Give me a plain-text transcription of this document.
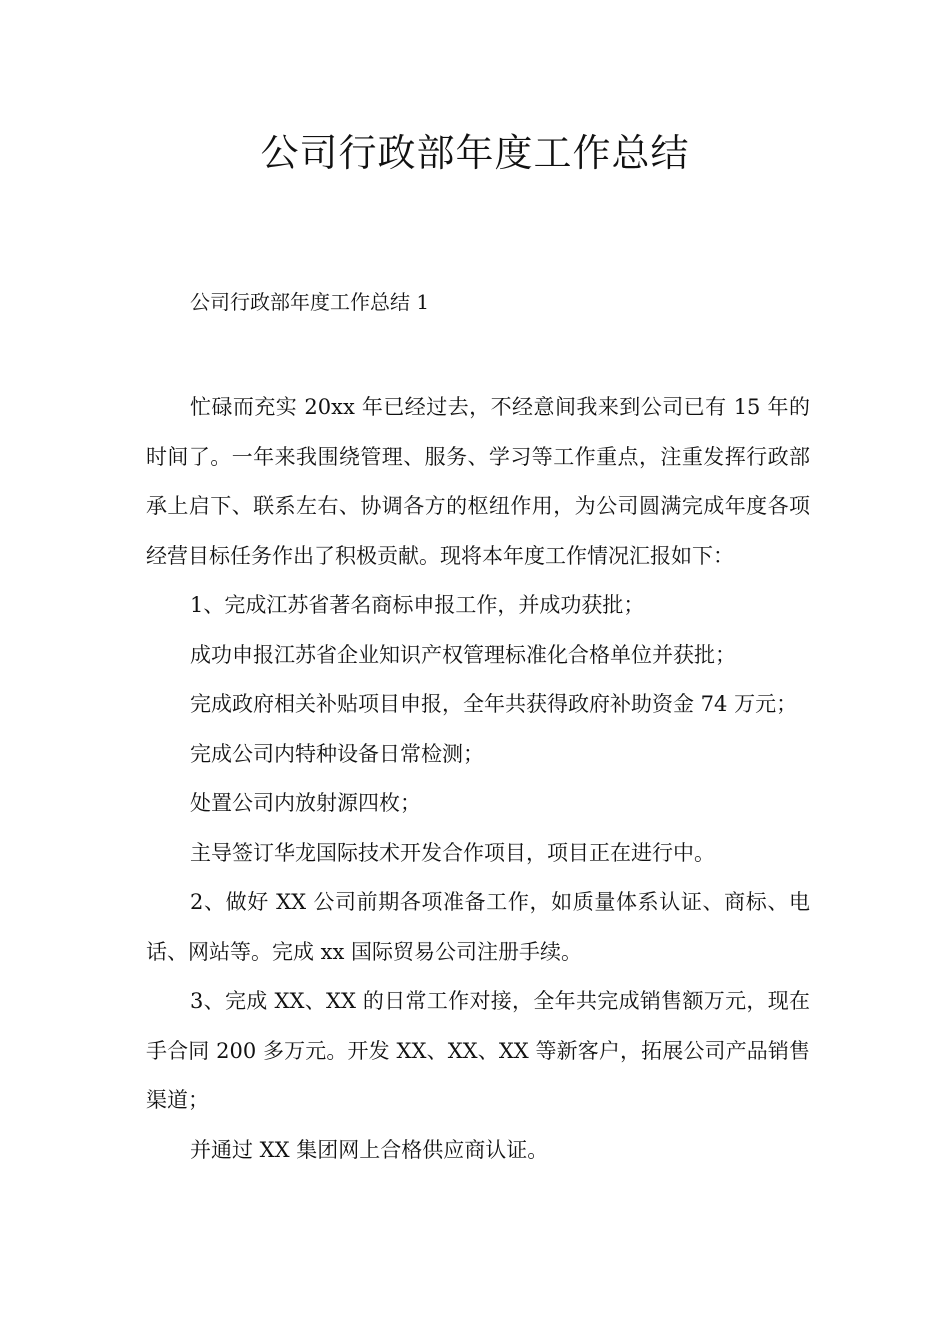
公司行政部年度工作总结

公司行政部年度工作总结 1

忙碌而充实 20xx 年已经过去，不经意间我来到公司已有 15 年的时间了。一年来我围绕管理、服务、学习等工作重点，注重发挥行政部承上启下、联系左右、协调各方的枢纽作用，为公司圆满完成年度各项经营目标任务作出了积极贡献。现将本年度工作情况汇报如下：

1、完成江苏省著名商标申报工作，并成功获批；

成功申报江苏省企业知识产权管理标准化合格单位并获批；

完成政府相关补贴项目申报，全年共获得政府补助资金 74 万元；

完成公司内特种设备日常检测；

处置公司内放射源四枚；

主导签订华龙国际技术开发合作项目，项目正在进行中。

2、做好 XX 公司前期各项准备工作，如质量体系认证、商标、电话、网站等。完成 xx 国际贸易公司注册手续。

3、完成 XX、XX 的日常工作对接，全年共完成销售额万元，现在手合同 200 多万元。开发 XX、XX、XX 等新客户，拓展公司产品销售渠道；

并通过 XX 集团网上合格供应商认证。
